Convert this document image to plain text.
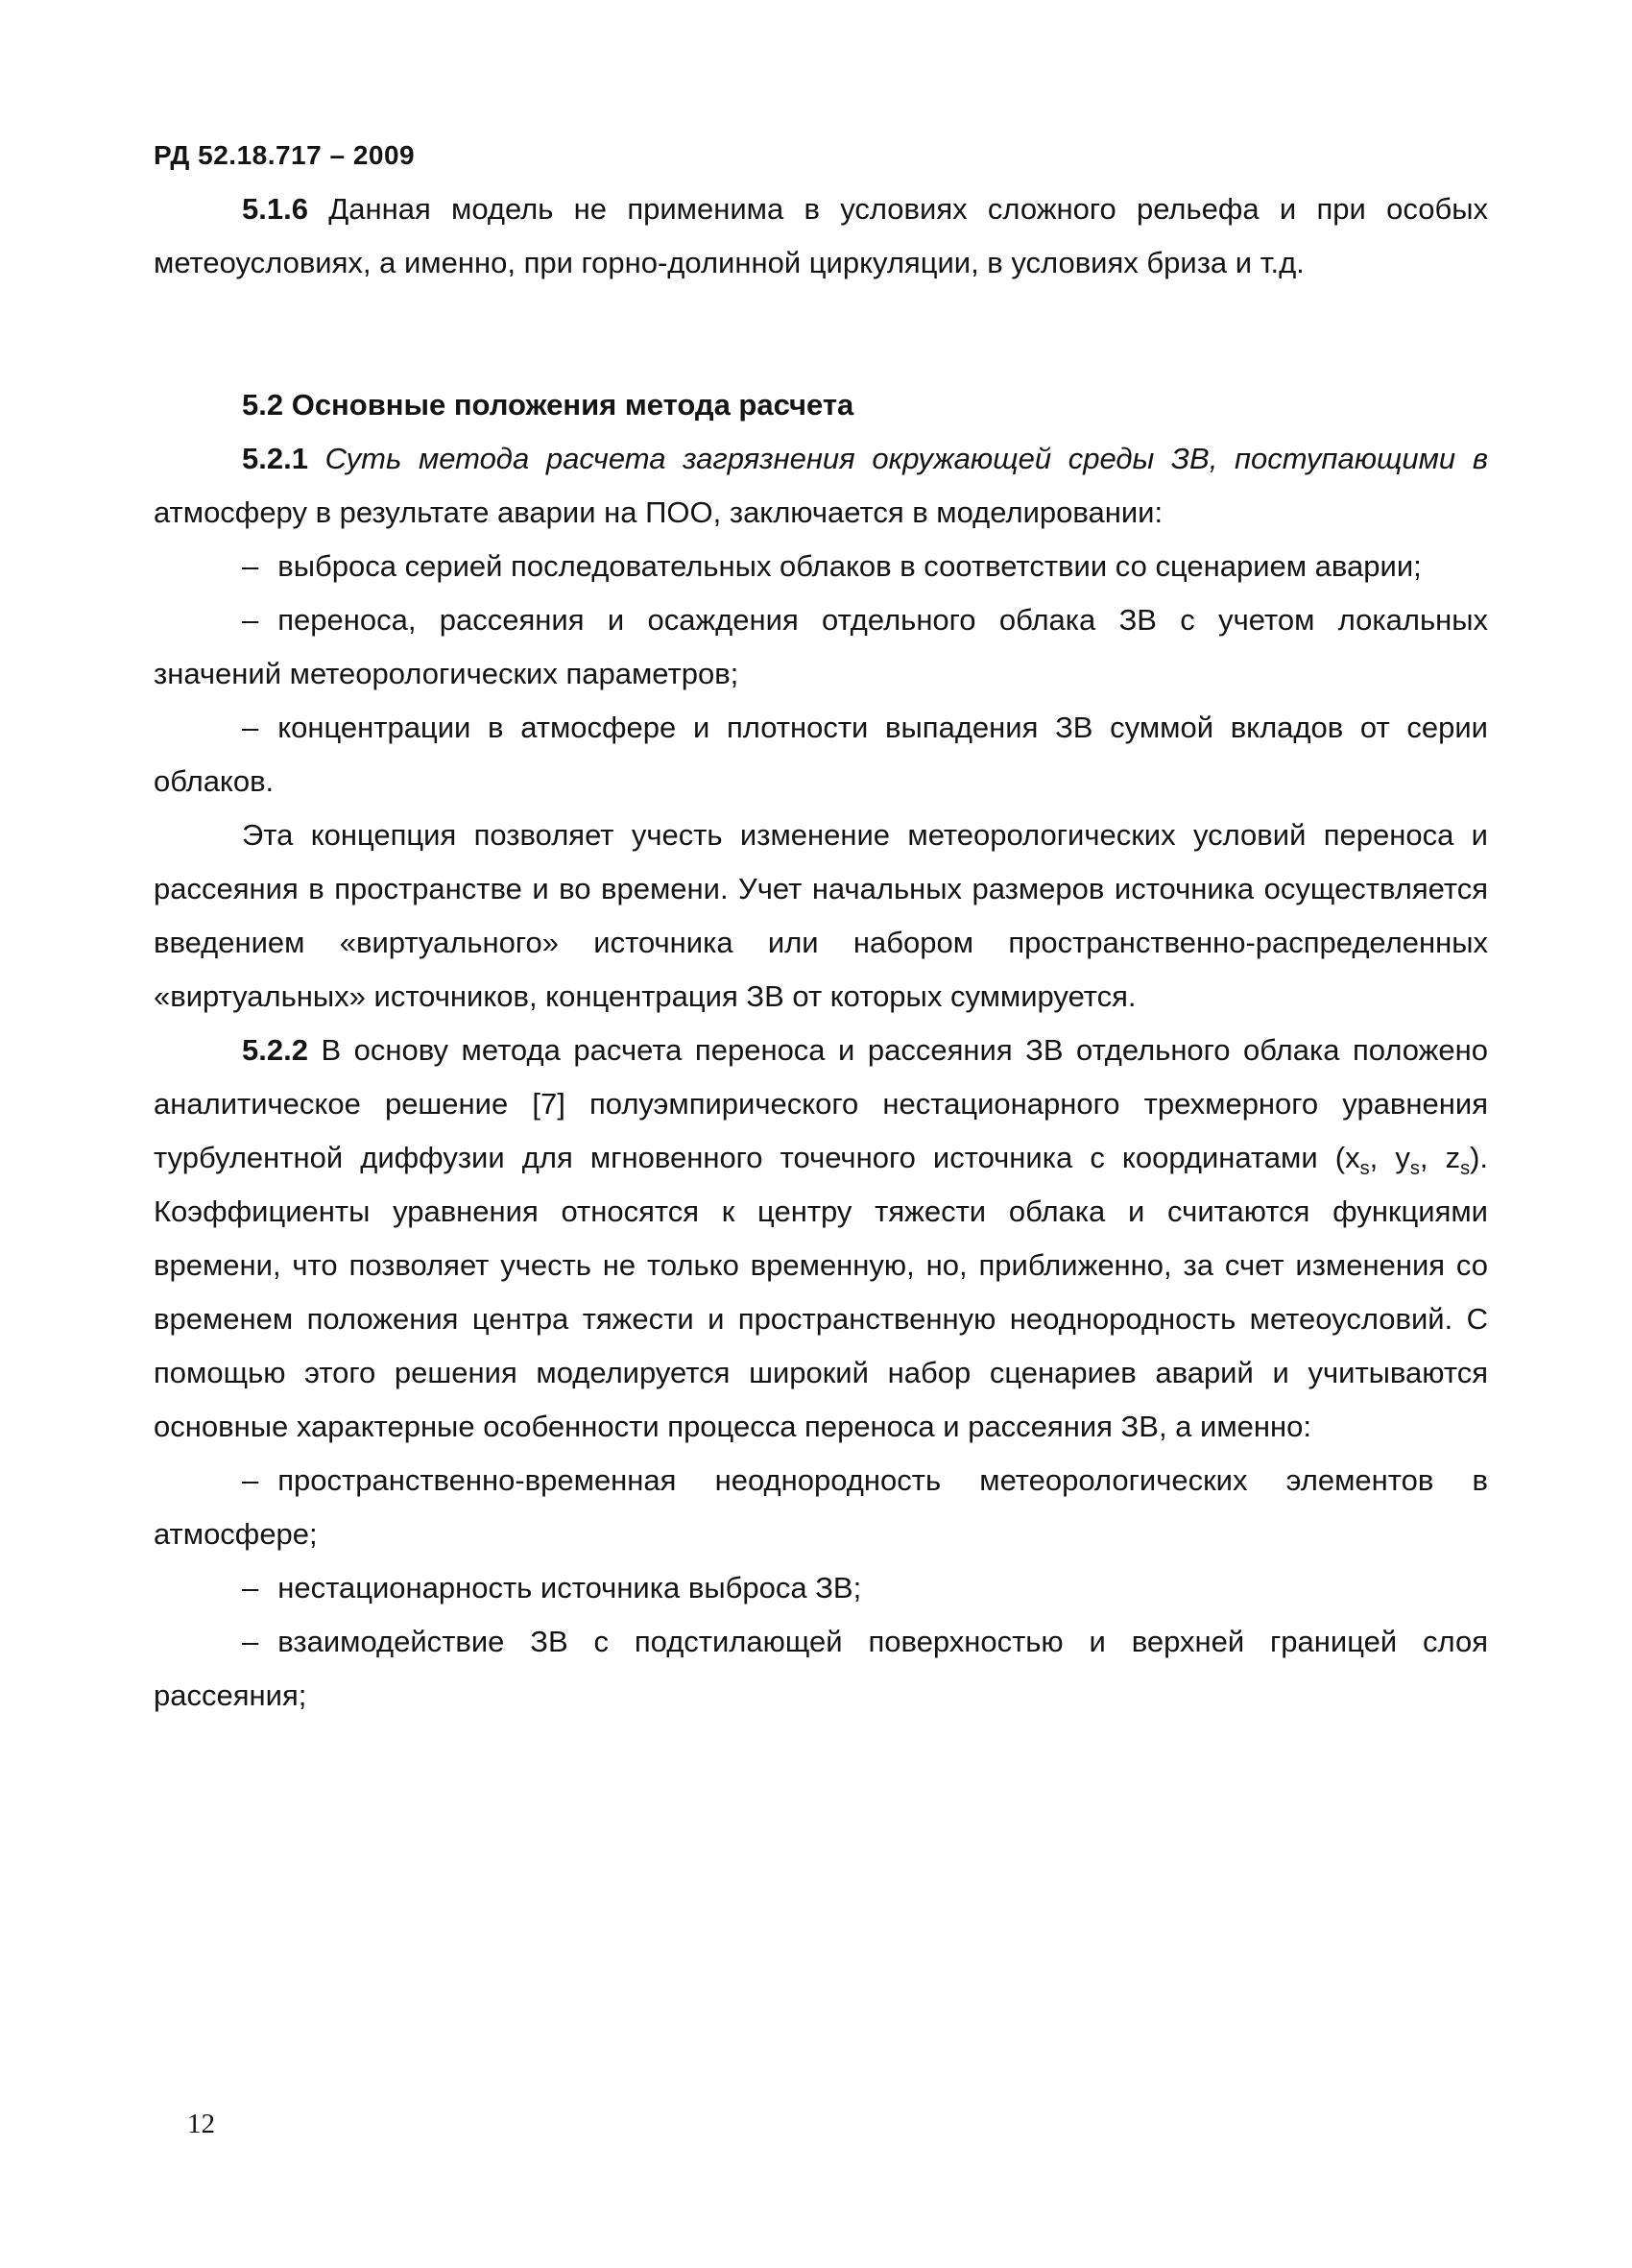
РД 52.18.717 – 2009

5.1.6 Данная модель не применима в условиях сложного рельефа и при особых метеоусловиях, а именно, при горно-долинной циркуляции, в условиях бриза и т.д.

5.2 Основные положения метода расчета

5.2.1 Суть метода расчета загрязнения окружающей среды ЗВ, поступающими в атмосферу в результате аварии на ПОО, заключается в моделировании:

– выброса серией последовательных облаков в соответствии со сценарием аварии;

– переноса, рассеяния и осаждения отдельного облака ЗВ с учетом локальных значений метеорологических параметров;

– концентрации в атмосфере и плотности выпадения ЗВ суммой вкладов от серии облаков.

Эта концепция позволяет учесть изменение метеорологических условий переноса и рассеяния в пространстве и во времени. Учет начальных размеров источника осуществляется введением «виртуального» источника или набором пространственно-распределенных «виртуальных» источников, концентрация ЗВ от которых суммируется.

5.2.2 В основу метода расчета переноса и рассеяния ЗВ отдельного облака положено аналитическое решение [7] полуэмпирического нестационарного трехмерного уравнения турбулентной диффузии для мгновенного точечного источника с координатами ($x_s$, $y_s$, $z_s$). Коэффициенты уравнения относятся к центру тяжести облака и считаются функциями времени, что позволяет учесть не только временную, но, приближенно, за счет изменения со временем положения центра тяжести и пространственную неоднородность метеоусловий. С помощью этого решения моделируется широкий набор сценариев аварий и учитываются основные характерные особенности процесса переноса и рассеяния ЗВ, а именно:

– пространственно-временная неоднородность метеорологических элементов в атмосфере;

– нестационарность источника выброса ЗВ;

– взаимодействие ЗВ с подстилающей поверхностью и верхней границей слоя рассеяния;

12
